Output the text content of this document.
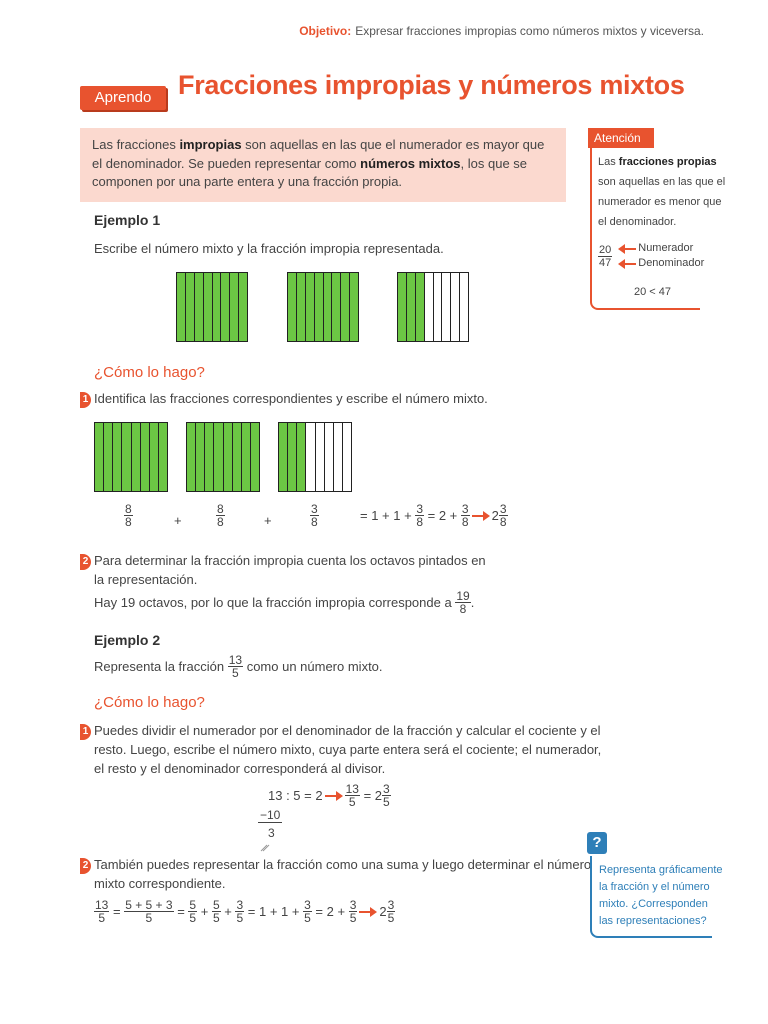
Objetivo: Expresar fracciones impropias como números mixtos y viceversa.
Aprendo Fracciones impropias y números mixtos
Las fracciones impropias son aquellas en las que el numerador es mayor que el denominador. Se pueden representar como números mixtos, los que se componen por una parte entera y una fracción propia.
Ejemplo 1
Escribe el número mixto y la fracción impropia representada.
¿Cómo lo hago?
1 Identifica las fracciones correspondientes y escribe el número mixto.
$\frac{8}{8}$	+	$\frac{8}{8}$	+	$\frac{3}{8}$	= 1 + 1 +
$\frac{3}{8}$
= 2 +
$\frac{3}{8} 2 \frac{3}{8}$
2 Para determinar la fracción impropia cuenta los octavos pintados en
la representación.
Hay 19 octavos, por lo que la fracción impropia corresponde a
$\frac{19}{8}$ .
Ejemplo 2
Representa la fracción
$\frac{13}{5}$
como un número mixto.
¿Cómo lo hago?
1 Puedes dividir el numerador por el denominador de la fracción y calcular el cociente y el
resto. Luego, escribe el número mixto, cuya parte entera será el cociente; el numerador,
el resto y el denominador corresponderá al divisor.
13 : $5 = 2 \frac{13}{5}$
= $2 \frac{3}{5}$
−10
3
2 También puedes representar la fracción como una suma y luego determinar el número
mixto correspondiente.
$\frac{13}{5}$
=
$\frac{5 + 5 + 3}{5}$
=
$\frac{5}{5}$
+
$\frac{5}{5}$
+
$\frac{3}{5}$
= 1 + 1 +
$\frac{3}{5}$
= 2 +
$\frac{3}{5} 2 \frac{3}{5}$
Atención
Las fracciones propias
son aquellas en las que el
numerador es menor que
el denominador.
$\frac{20}{47}$ Numerador
Denominador
20 < 47
?
Representa gráficamente
la fracción y el número
mixto. ¿Corresponden
las representaciones?
